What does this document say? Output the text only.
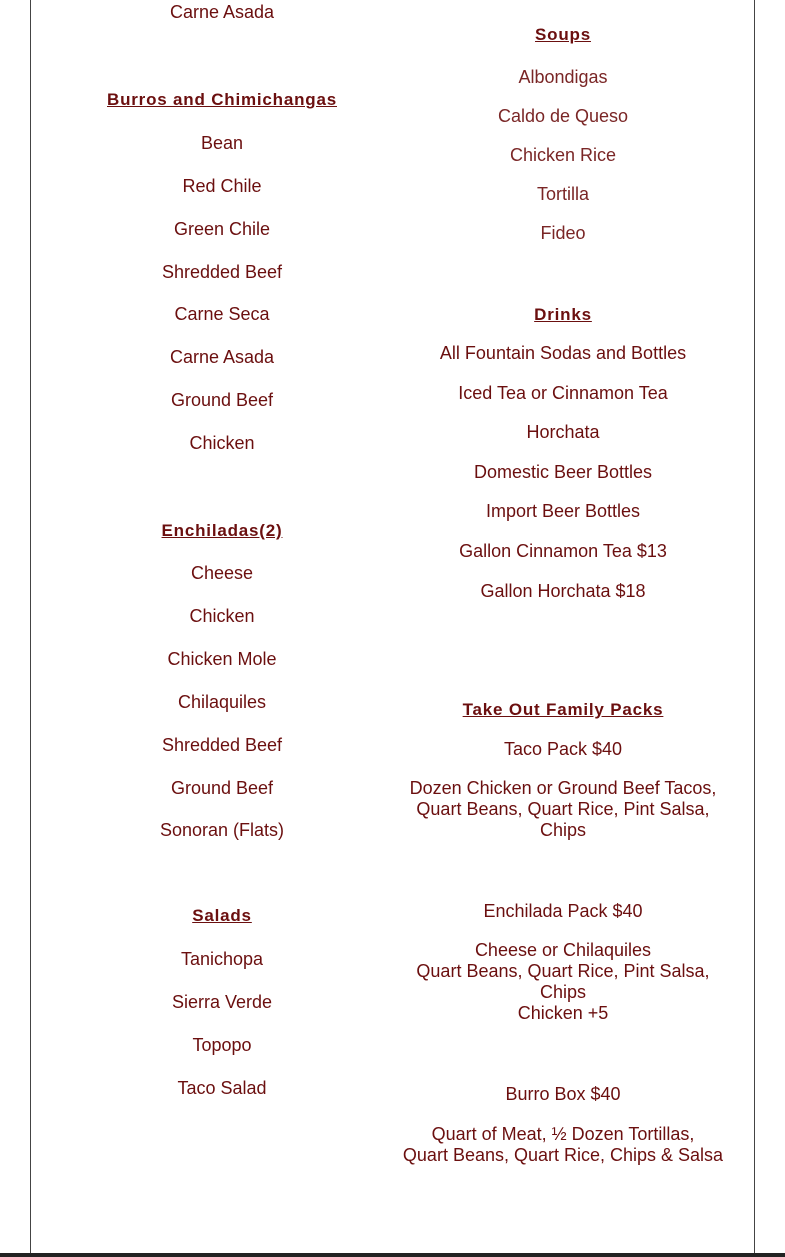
Carne Asada
Burros and Chimichangas
Bean
Red Chile
Green Chile
Shredded Beef
Carne Seca
Carne Asada
Ground Beef
Chicken
Enchiladas(2)
Cheese
Chicken
Chicken Mole
Chilaquiles
Shredded Beef
Ground Beef
Sonoran (Flats)
Salads
Tanichopa
Sierra Verde
Topopo
Taco Salad
Soups
Albondigas
Caldo de Queso
Chicken Rice
Tortilla
Fideo
Drinks
All Fountain Sodas and Bottles
Iced Tea or Cinnamon Tea
Horchata
Domestic Beer Bottles
Import Beer Bottles
Gallon Cinnamon Tea $13
Gallon Horchata $18
Take Out Family Packs
Taco Pack $40
Dozen Chicken or Ground Beef Tacos,
Quart Beans, Quart Rice, Pint Salsa,
Chips
Enchilada Pack $40
Cheese or Chilaquiles
Quart Beans, Quart Rice, Pint Salsa,
Chips
Chicken +5
Burro Box $40
Quart of Meat, ½ Dozen Tortillas,
Quart Beans, Quart Rice, Chips & Salsa
